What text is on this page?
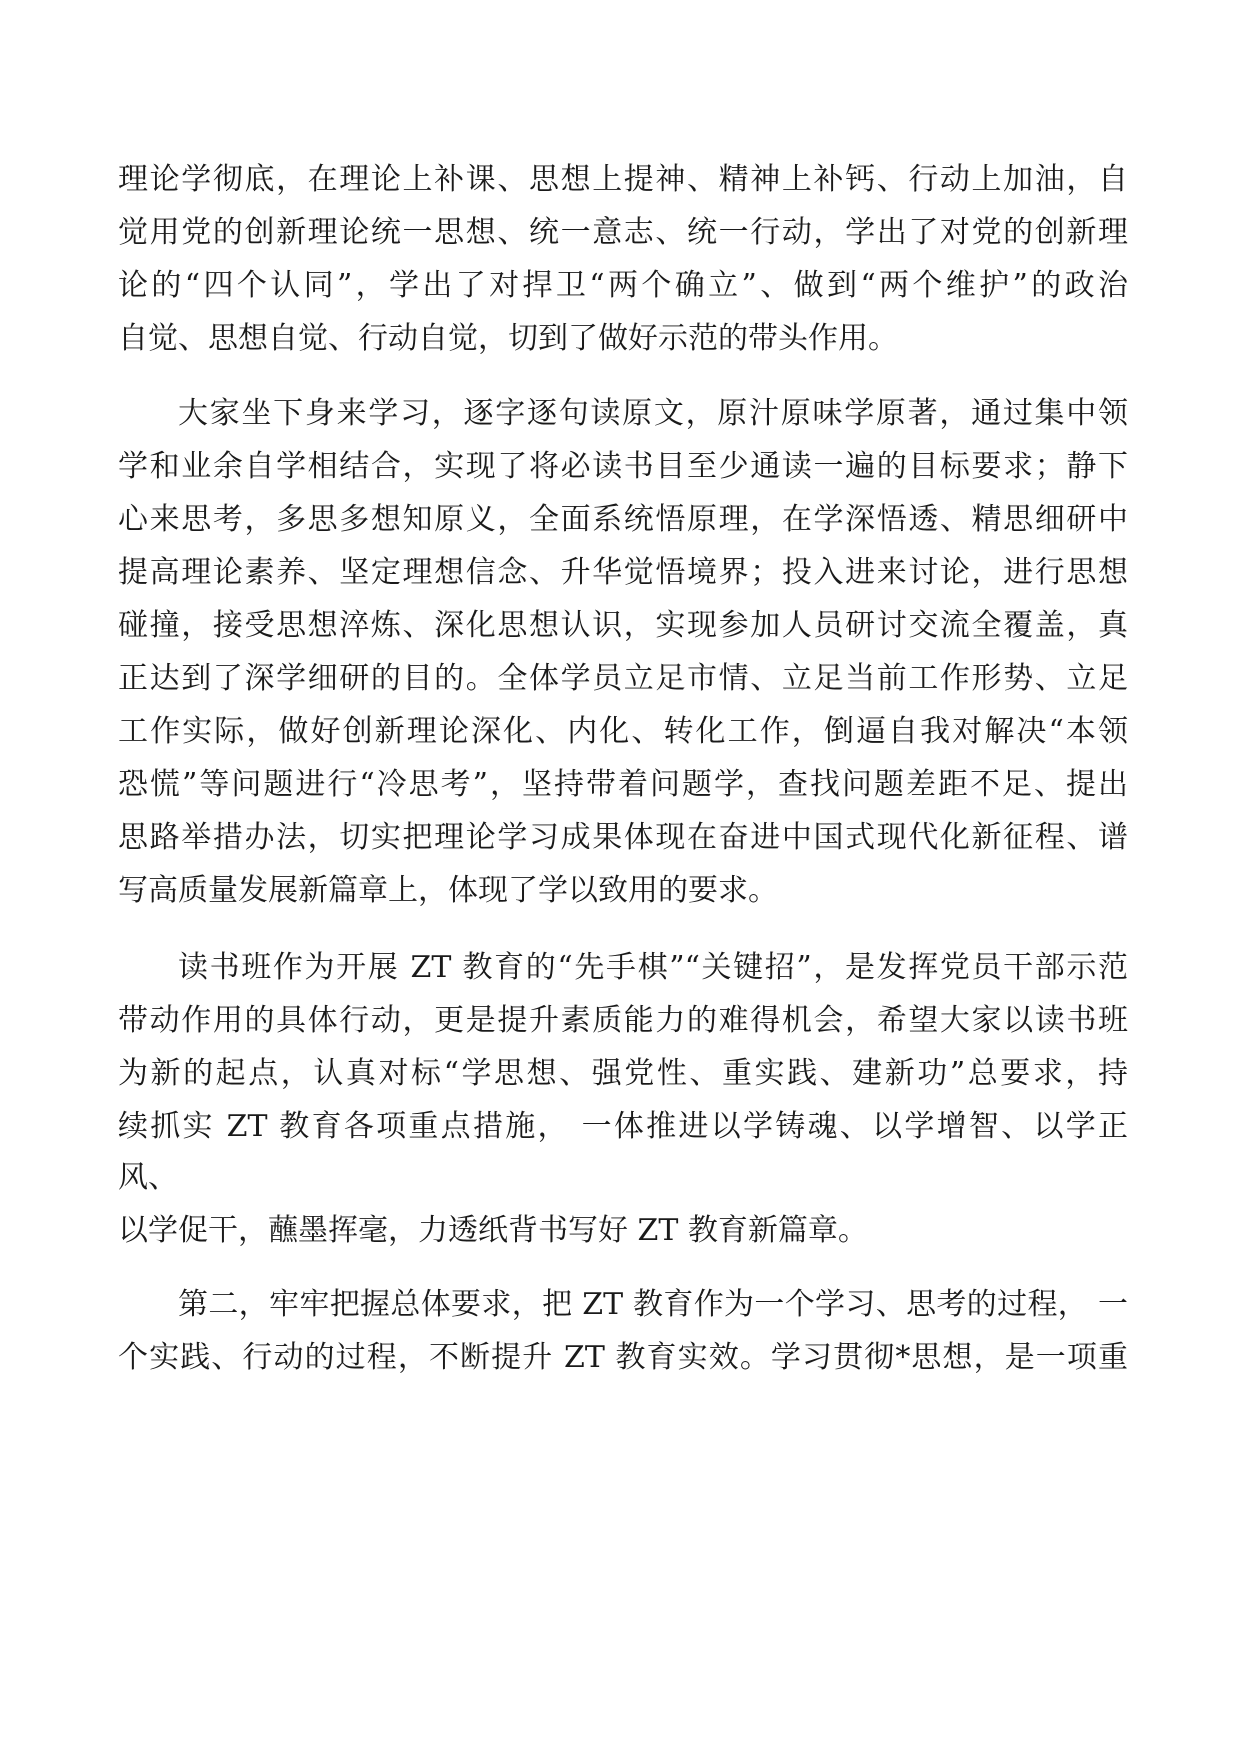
理论学彻底，在理论上补课、思想上提神、精神上补钙、行动上加油，自
觉用党的创新理论统一思想、统一意志、统一行动，学出了对党的创新理
论的“四个认同”，学出了对捍卫“两个确立”、做到“两个维护”的政治
自觉、思想自觉、行动自觉，切到了做好示范的带头作用。
大家坐下身来学习，逐字逐句读原文，原汁原味学原著，通过集中领
学和业余自学相结合，实现了将必读书目至少通读一遍的目标要求；静下
心来思考，多思多想知原义，全面系统悟原理，在学深悟透、精思细研中
提高理论素养、坚定理想信念、升华觉悟境界；投入进来讨论，进行思想
碰撞，接受思想淬炼、深化思想认识，实现参加人员研讨交流全覆盖，真
正达到了深学细研的目的。全体学员立足市情、立足当前工作形势、立足
工作实际，做好创新理论深化、内化、转化工作，倒逼自我对解决“本领
恐慌”等问题进行“冷思考”，坚持带着问题学，查找问题差距不足、提出
思路举措办法，切实把理论学习成果体现在奋进中国式现代化新征程、谱
写高质量发展新篇章上，体现了学以致用的要求。
读书班作为开展 ZT 教育的“先手棋”“关键招”，是发挥党员干部示范
带动作用的具体行动，更是提升素质能力的难得机会，希望大家以读书班
为新的起点，认真对标“学思想、强党性、重实践、建新功”总要求，持
续抓实 ZT 教育各项重点措施， 一体推进以学铸魂、以学增智、以学正
风、
以学促干，蘸墨挥毫，力透纸背书写好 ZT 教育新篇章。
第二，牢牢把握总体要求，把 ZT 教育作为一个学习、思考的过程， 一
个实践、行动的过程，不断提升 ZT 教育实效。学习贯彻*思想，是一项重
